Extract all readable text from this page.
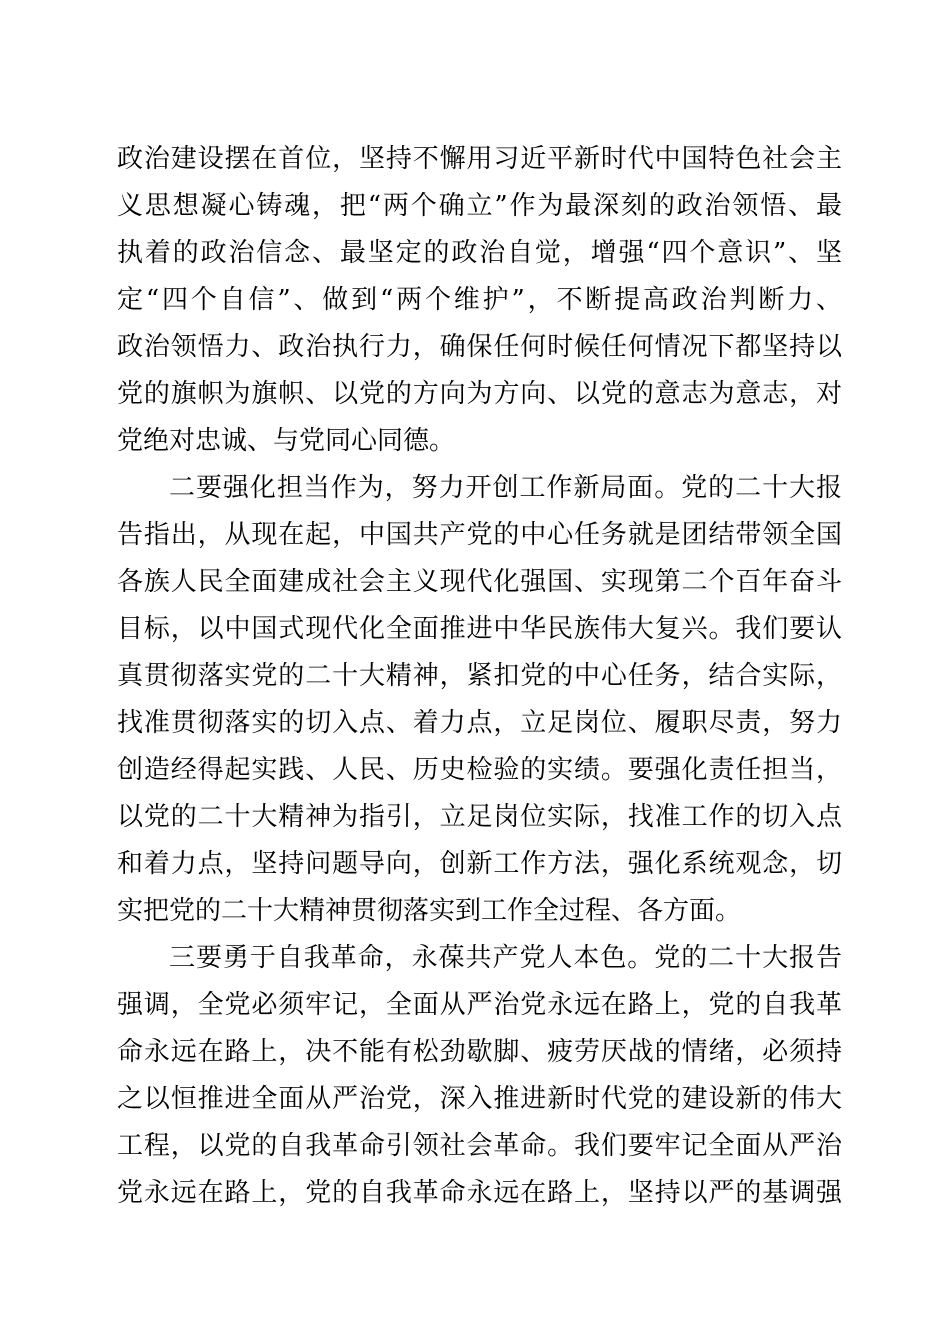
政治建设摆在首位，坚持不懈用习近平新时代中国特色社会主
义思想凝心铸魂，把“两个确立”作为最深刻的政治领悟、最
执着的政治信念、最坚定的政治自觉，增强“四个意识”、坚
定“四个自信”、做到“两个维护”，不断提高政治判断力、
政治领悟力、政治执行力，确保任何时候任何情况下都坚持以
党的旗帜为旗帜、以党的方向为方向、以党的意志为意志，对
党绝对忠诚、与党同心同德。
二要强化担当作为，努力开创工作新局面。党的二十大报
告指出，从现在起，中国共产党的中心任务就是团结带领全国
各族人民全面建成社会主义现代化强国、实现第二个百年奋斗
目标，以中国式现代化全面推进中华民族伟大复兴。我们要认
真贯彻落实党的二十大精神，紧扣党的中心任务，结合实际，
找准贯彻落实的切入点、着力点，立足岗位、履职尽责，努力
创造经得起实践、人民、历史检验的实绩。要强化责任担当，
以党的二十大精神为指引，立足岗位实际，找准工作的切入点
和着力点，坚持问题导向，创新工作方法，强化系统观念，切
实把党的二十大精神贯彻落实到工作全过程、各方面。
三要勇于自我革命，永葆共产党人本色。党的二十大报告
强调，全党必须牢记，全面从严治党永远在路上，党的自我革
命永远在路上，决不能有松劲歇脚、疲劳厌战的情绪，必须持
之以恒推进全面从严治党，深入推进新时代党的建设新的伟大
工程，以党的自我革命引领社会革命。我们要牢记全面从严治
党永远在路上，党的自我革命永远在路上，坚持以严的基调强
